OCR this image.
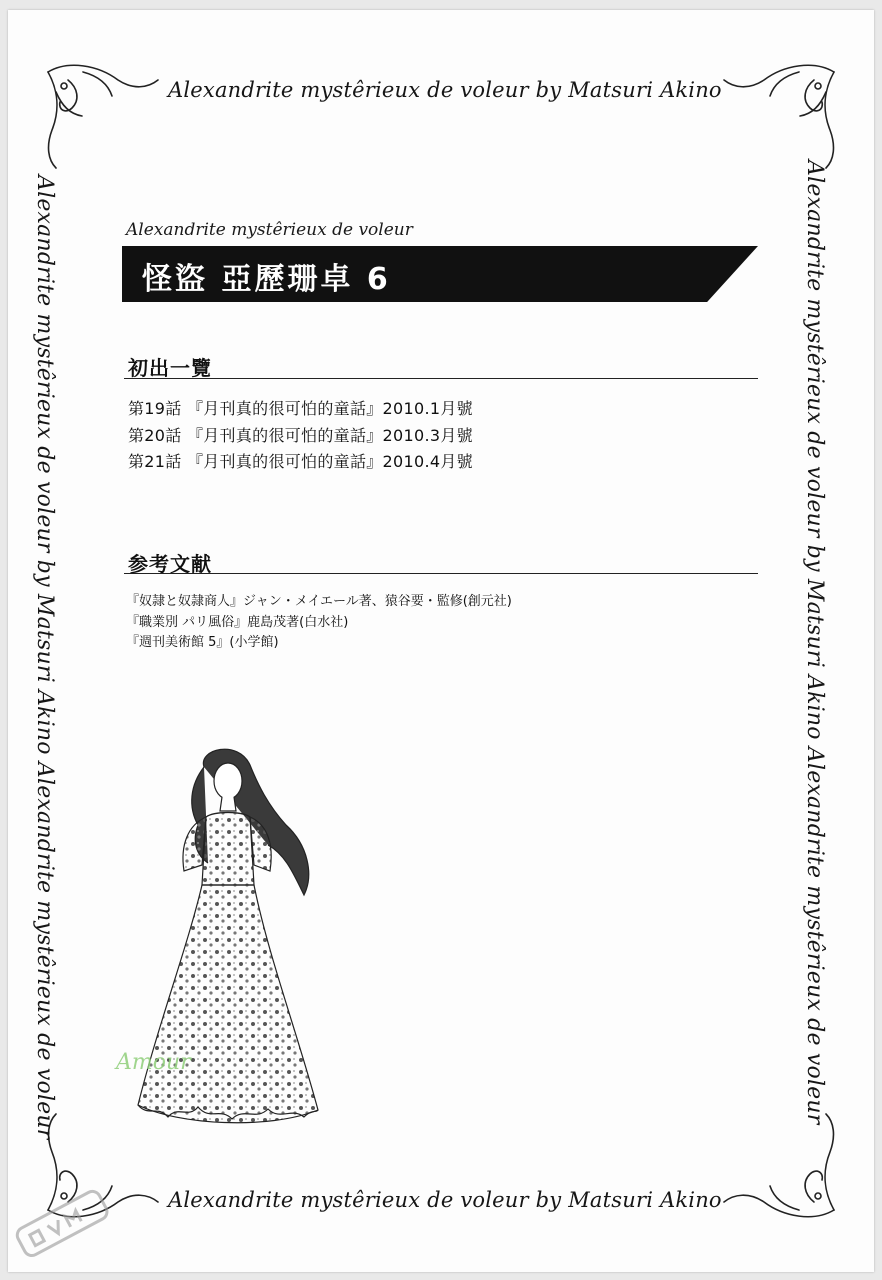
Alexandrite mystêrieux de voleur by Matsuri Akino
Alexandrite mystêrieux de voleur by Matsuri Akino
Alexandrite mystêrieux de voleur by Matsuri Akino Alexandrite mystêrieux de voleur	Alexandrite mystêrieux de voleur by Matsuri Akino Alexandrite mystêrieux de voleur
Alexandrite mystêrieux de voleur
怪盜 亞歷珊卓 6
初出一覽
第19話 『月刊真的很可怕的童話』2010.1月號
第20話 『月刊真的很可怕的童話』2010.3月號
第21話 『月刊真的很可怕的童話』2010.4月號
参考文献
『奴隷と奴隷商人』ジャン・メイエール著、猿谷要・監修(創元社)
『職業別 パリ風俗』鹿島茂著(白水社)
『週刊美術館 5』(小学館)
Amour
